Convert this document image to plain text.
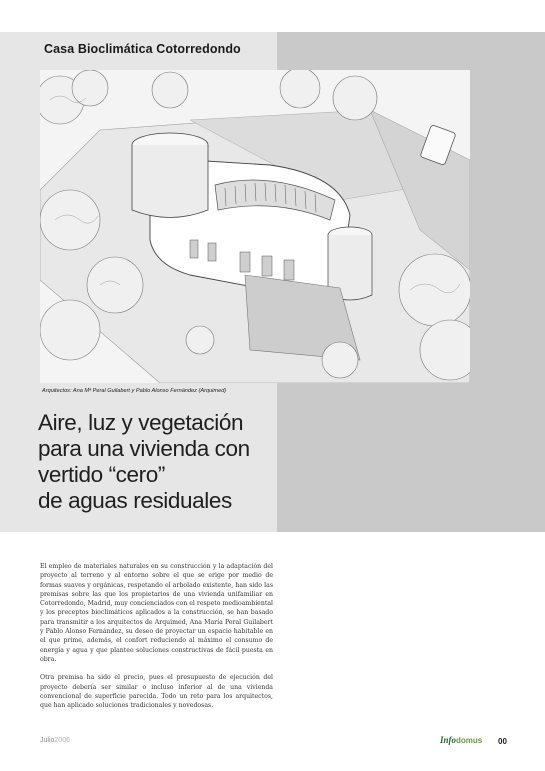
Casa Bioclimática Cotorredondo
Arquitectos: Ana Mª Peral Guilabert y Pablo Alonso Fernández (Arquimed)
Aire, luz y vegetación
para una vivienda con
vertido “cero”
de aguas residuales

El empleo de materiales naturales en su construcción y la adaptación del proyecto al terreno y al entorno sobre el que se erige por medio de formas suaves y orgánicas, respetando el arbolado existente, han sido las premisas sobre las que los propietarios de una vivienda unifamiliar en Cotorredondo, Madrid, muy concienciados con el respeto medioambiental y los preceptos bioclimáticos aplicados a la construcción, se han basado para transmitir a los arquitectos de Arquimed, Ana María Peral Guilabert y Pablo Alonso Fernández, su deseo de proyectar un espacio habitable en el que prime, además, el confort reduciendo al máximo el consumo de energía y agua y que plantee soluciones constructivas de fácil puesta en obra.

Otra premisa ha sido el precio, pues el presupuesto de ejecución del proyecto debería ser similar o incluso inferior al de una vivienda convencional de superficie parecida. Todo un reto para los arquitectos, que han aplicado soluciones tradicionales y novedosas.

Julio2006	Infodomus 00
